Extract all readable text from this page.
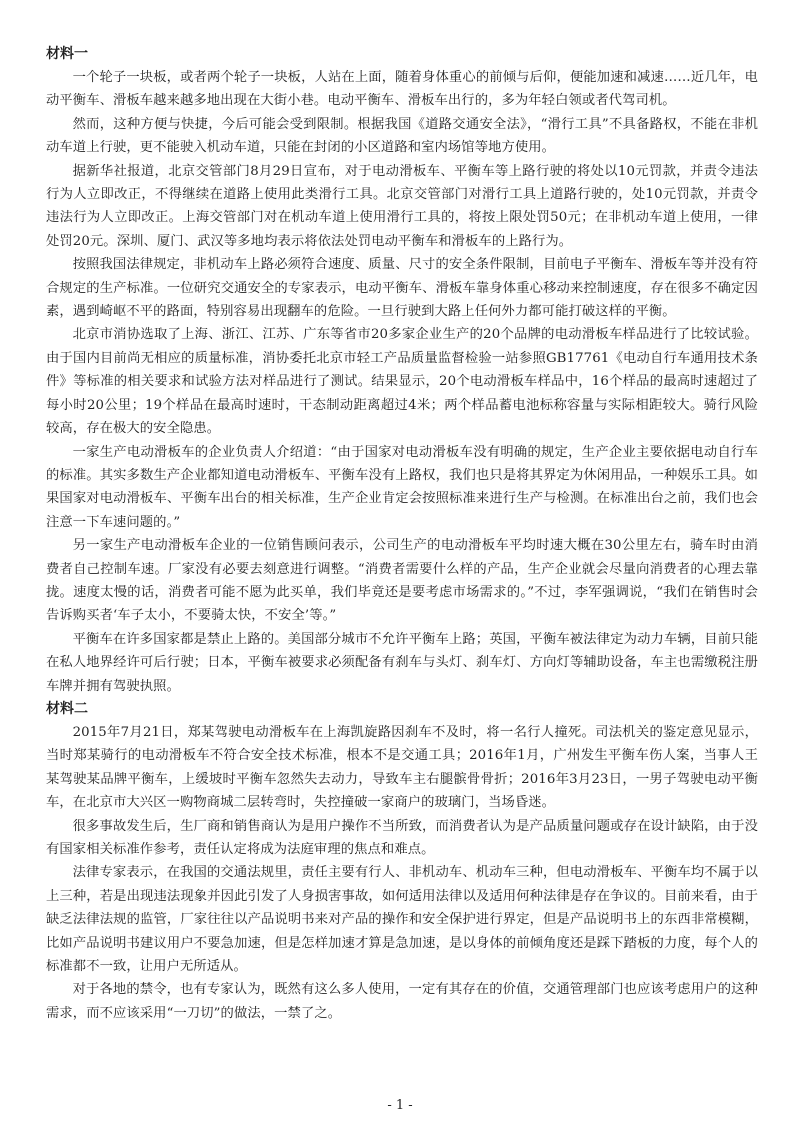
材料一

一个轮子一块板，或者两个轮子一块板，人站在上面，随着身体重心的前倾与后仰，便能加速和减速……近几年，电动平衡车、滑板车越来越多地出现在大街小巷。电动平衡车、滑板车出行的，多为年轻白领或者代驾司机。

然而，这种方便与快捷，今后可能会受到限制。根据我国《道路交通安全法》，“滑行工具”不具备路权，不能在非机动车道上行驶，更不能驶入机动车道，只能在封闭的小区道路和室内场馆等地方使用。

据新华社报道，北京交管部门8月29日宣布，对于电动滑板车、平衡车等上路行驶的将处以10元罚款，并责令违法行为人立即改正，不得继续在道路上使用此类滑行工具。北京交管部门对滑行工具上道路行驶的，处10元罚款，并责令违法行为人立即改正。上海交管部门对在机动车道上使用滑行工具的，将按上限处罚50元；在非机动车道上使用，一律处罚20元。深圳、厦门、武汉等多地均表示将依法处罚电动平衡车和滑板车的上路行为。

按照我国法律规定，非机动车上路必须符合速度、质量、尺寸的安全条件限制，目前电子平衡车、滑板车等并没有符合规定的生产标准。一位研究交通安全的专家表示，电动平衡车、滑板车靠身体重心移动来控制速度，存在很多不确定因素，遇到崎岖不平的路面，特别容易出现翻车的危险。一旦行驶到大路上任何外力都可能打破这样的平衡。

北京市消协选取了上海、浙江、江苏、广东等省市20多家企业生产的20个品牌的电动滑板车样品进行了比较试验。由于国内目前尚无相应的质量标准，消协委托北京市轻工产品质量监督检验一站参照GB17761《电动自行车通用技术条件》等标准的相关要求和试验方法对样品进行了测试。结果显示，20个电动滑板车样品中，16个样品的最高时速超过了每小时20公里；19个样品在最高时速时，干态制动距离超过4米；两个样品蓄电池标称容量与实际相距较大。骑行风险较高，存在极大的安全隐患。

一家生产电动滑板车的企业负责人介绍道：“由于国家对电动滑板车没有明确的规定，生产企业主要依据电动自行车的标准。其实多数生产企业都知道电动滑板车、平衡车没有上路权，我们也只是将其界定为休闲用品，一种娱乐工具。如果国家对电动滑板车、平衡车出台的相关标准，生产企业肯定会按照标准来进行生产与检测。在标准出台之前，我们也会注意一下车速问题的。”

另一家生产电动滑板车企业的一位销售顾问表示，公司生产的电动滑板车平均时速大概在30公里左右，骑车时由消费者自己控制车速。厂家没有必要去刻意进行调整。“消费者需要什么样的产品，生产企业就会尽量向消费者的心理去靠拢。速度太慢的话，消费者可能不愿为此买单，我们毕竟还是要考虑市场需求的。”不过，李军强调说，“我们在销售时会告诉购买者‘车子太小，不要骑太快，不安全’等。”

平衡车在许多国家都是禁止上路的。美国部分城市不允许平衡车上路；英国，平衡车被法律定为动力车辆，目前只能在私人地界经许可后行驶；日本，平衡车被要求必须配备有刹车与头灯、刹车灯、方向灯等辅助设备，车主也需缴税注册车牌并拥有驾驶执照。

材料二

2015年7月21日，郑某驾驶电动滑板车在上海凯旋路因刹车不及时，将一名行人撞死。司法机关的鉴定意见显示，当时郑某骑行的电动滑板车不符合安全技术标准，根本不是交通工具；2016年1月，广州发生平衡车伤人案，当事人王某驾驶某品牌平衡车，上缓坡时平衡车忽然失去动力，导致车主右腿髌骨骨折；2016年3月23日，一男子驾驶电动平衡车，在北京市大兴区一购物商城二层转弯时，失控撞破一家商户的玻璃门，当场昏迷。

很多事故发生后，生厂商和销售商认为是用户操作不当所致，而消费者认为是产品质量问题或存在设计缺陷，由于没有国家相关标准作参考，责任认定将成为法庭审理的焦点和难点。

法律专家表示，在我国的交通法规里，责任主要有行人、非机动车、机动车三种，但电动滑板车、平衡车均不属于以上三种，若是出现违法现象并因此引发了人身损害事故，如何适用法律以及适用何种法律是存在争议的。目前来看，由于缺乏法律法规的监管，厂家往往以产品说明书来对产品的操作和安全保护进行界定，但是产品说明书上的东西非常模糊，比如产品说明书建议用户不要急加速，但是怎样加速才算是急加速，是以身体的前倾角度还是踩下踏板的力度，每个人的标准都不一致，让用户无所适从。

对于各地的禁令，也有专家认为，既然有这么多人使用，一定有其存在的价值，交通管理部门也应该考虑用户的这种需求，而不应该采用“一刀切”的做法，一禁了之。

- 1 -
